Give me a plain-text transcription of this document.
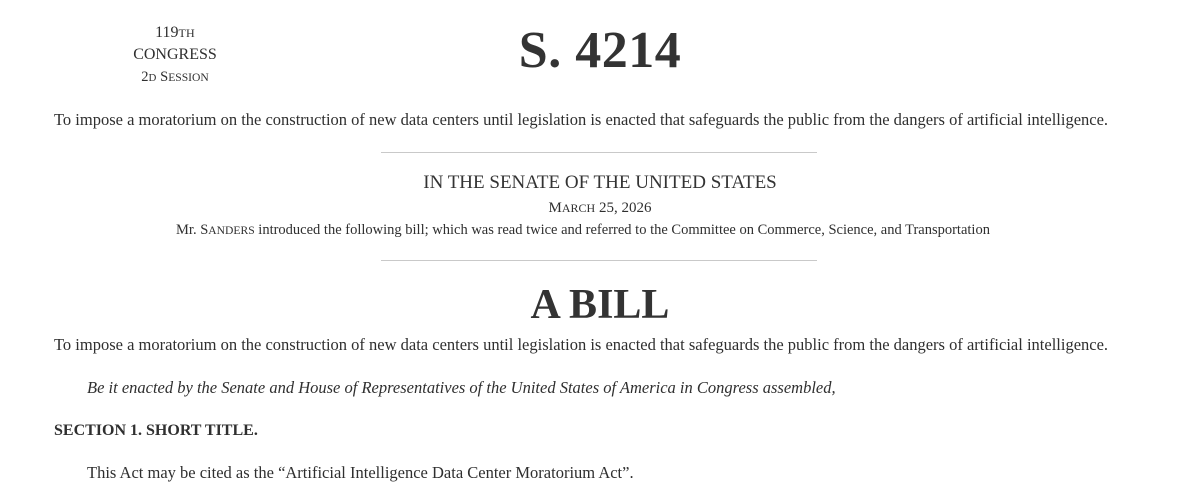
119TH CONGRESS
2D SESSION	S. 4214
To impose a moratorium on the construction of new data centers until legislation is enacted that safeguards the public from the dangers of artificial intelligence.
IN THE SENATE OF THE UNITED STATES
MARCH 25, 2026
Mr. SANDERS introduced the following bill; which was read twice and referred to the Committee on Commerce, Science, and Transportation
A BILL
To impose a moratorium on the construction of new data centers until legislation is enacted that safeguards the public from the dangers of artificial intelligence.
Be it enacted by the Senate and House of Representatives of the United States of America in Congress assembled,
SECTION 1. SHORT TITLE.
This Act may be cited as the “Artificial Intelligence Data Center Moratorium Act”.
